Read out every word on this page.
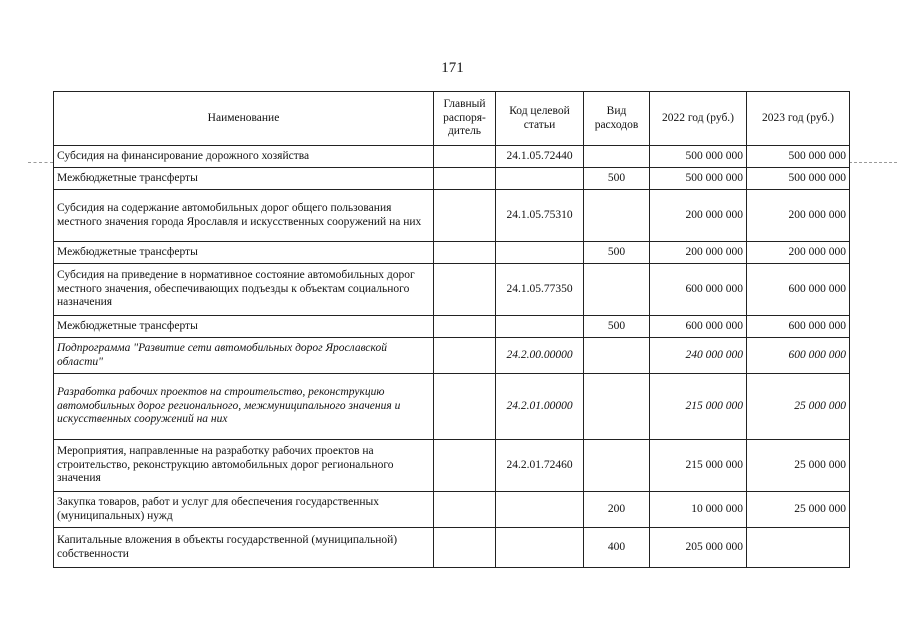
171
Наименование	Главный распоря-дитель	Код целевой статьи	Вид расходов	2022 год (руб.)	2023 год (руб.)
Субсидия на финансирование дорожного хозяйства		24.1.05.72440		500 000 000	500 000 000
Межбюджетные трансферты			500	500 000 000	500 000 000
Субсидия на содержание автомобильных дорог общего пользования местного значения города Ярославля и искусственных сооружений на них		24.1.05.75310		200 000 000	200 000 000
Межбюджетные трансферты			500	200 000 000	200 000 000
Субсидия на приведение в нормативное состояние автомобильных дорог местного значения, обеспечивающих подъезды к объектам социального назначения		24.1.05.77350		600 000 000	600 000 000
Межбюджетные трансферты			500	600 000 000	600 000 000
Подпрограмма "Развитие сети автомобильных дорог Ярославской области"		24.2.00.00000		240 000 000	600 000 000
Разработка рабочих проектов на строительство, реконструкцию автомобильных дорог регионального, межмуниципального значения и искусственных сооружений на них		24.2.01.00000		215 000 000	25 000 000
Мероприятия, направленные на разработку рабочих проектов на строительство, реконструкцию автомобильных дорог регионального значения		24.2.01.72460		215 000 000	25 000 000
Закупка товаров, работ и услуг для обеспечения государственных (муниципальных) нужд			200	10 000 000	25 000 000
Капитальные вложения в объекты государственной (муниципальной) собственности			400	205 000 000	
